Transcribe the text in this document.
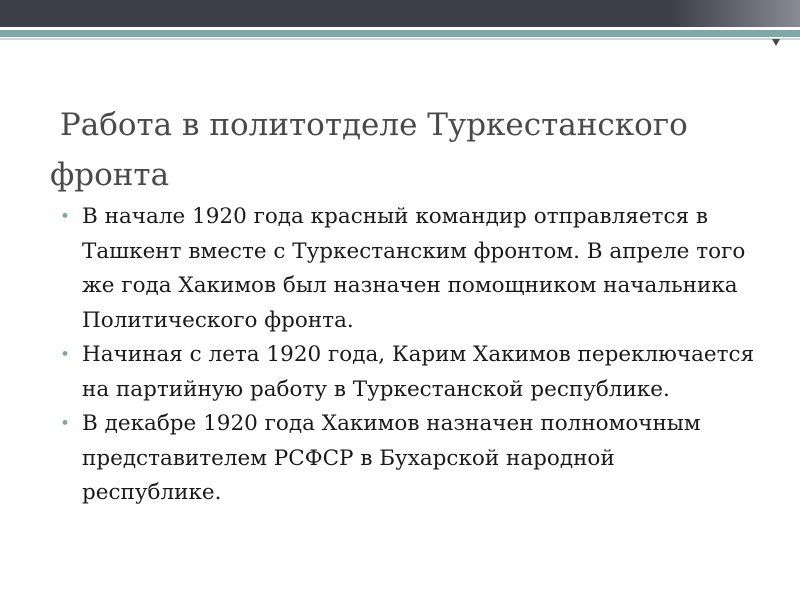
Работа в политотделе Туркестанского фронта
• В начале 1920 года красный командир отправляется в Ташкент вместе с Туркестанским фронтом. В апреле того же года Хакимов был назначен помощником начальника Политического фронта.
• Начиная с лета 1920 года, Карим Хакимов переключается на партийную работу в Туркестанской республике.
• В декабре 1920 года Хакимов назначен полномочным представителем РСФСР в Бухарской народной республике.
